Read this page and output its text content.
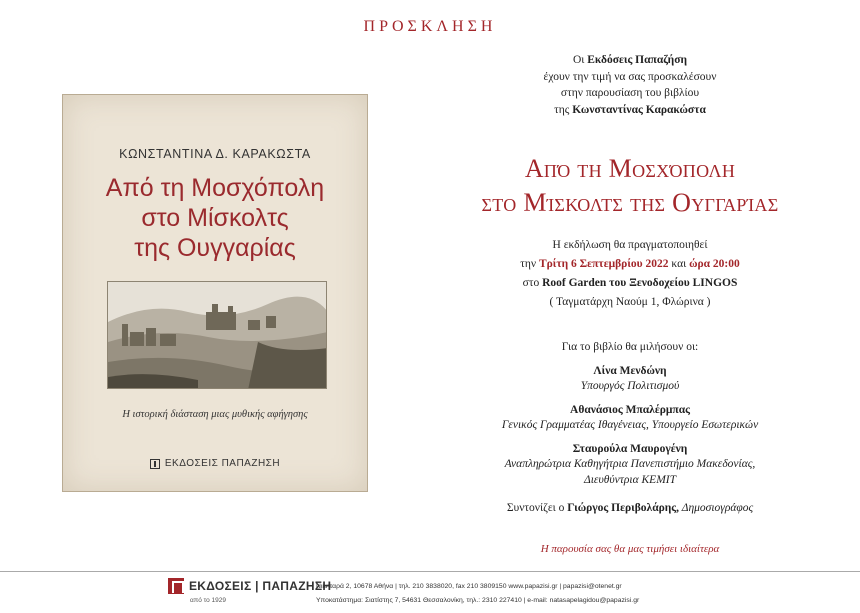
ΠΡΟΣΚΛΗΣΗ
ΚΩΝΣΤΑΝΤΙΝΑ Δ. ΚΑΡΑΚΩΣΤΑ
Από τη Μοσχόπολη
στο Μίσκολτς
της Ουγγαρίας
Η ιστορική διάσταση μιας μυθικής αφήγησης
ΕΚΔΟΣΕΙΣ ΠΑΠΑΖΗΣΗ
Οι Εκδόσεις Παπαζήση
έχουν την τιμή να σας προσκαλέσουν
στην παρουσίαση του βιβλίου
της Κωνσταντίνας Καρακώστα
Από τη Μοσχόπολη
στο Μίσκολτς της Ουγγαρίας
Η εκδήλωση θα πραγματοποιηθεί
την Τρίτη 6 Σεπτεμβρίου 2022 και ώρα 20:00
στο Roof Garden του Ξενοδοχείου LINGOS
( Ταγματάρχη Ναούμ 1, Φλώρινα )
Για το βιβλίο θα μιλήσουν οι:
Λίνα Μενδώνη
Υπουργός Πολιτισμού
Αθανάσιος Μπαλέρμπας
Γενικός Γραμματέας Ιθαγένειας, Υπουργείο Εσωτερικών
Σταυρούλα Μαυρογένη
Αναπληρώτρια Καθηγήτρια Πανεπιστήμιο Μακεδονίας,
Διευθύντρια ΚΕΜΙΤ
Συντονίζει ο Γιώργος Περιβολάρης, Δημοσιογράφος
Η παρουσία σας θα μας τιμήσει ιδιαίτερα
ΕΚΔΟΣΕΙΣ | ΠΑΠΑΖΗΣΗ
από το 1929
Νικηταρά 2, 10678 Αθήνα | τηλ. 210 3838020, fax 210 3809150 www.papazisi.gr | papazisi@otenet.gr
Υποκατάστημα: Σιατίστης 7, 54631 Θεσσαλονίκη, τηλ.: 2310 227410 | e-mail: natasapelagidou@papazisi.gr
